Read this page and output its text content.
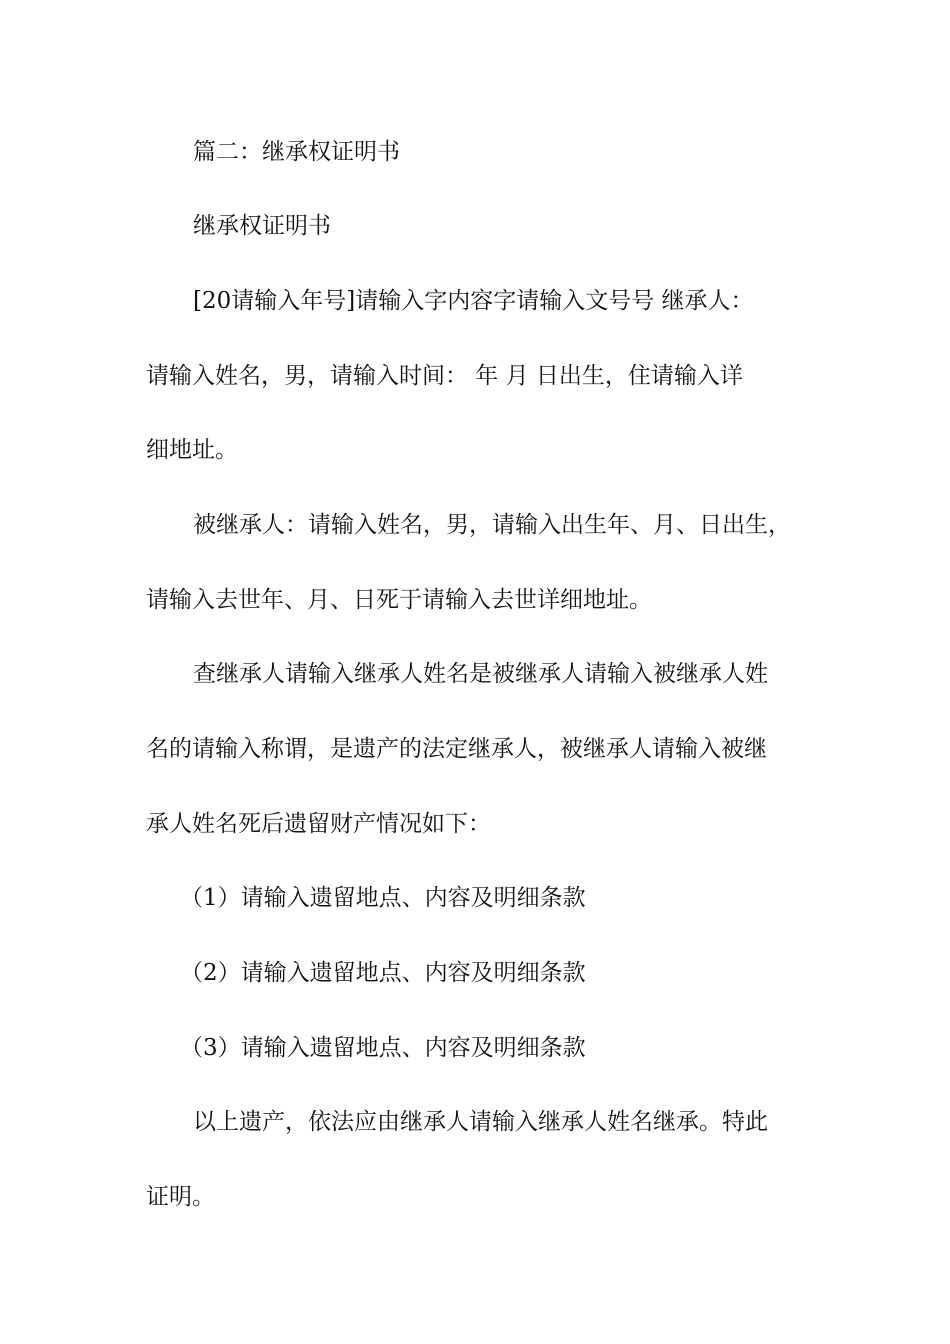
篇二：继承权证明书

继承权证明书

[20请输入年号]请输入字内容字请输入文号号 继承人：

请输入姓名，男，请输入时间： 年 月 日出生，住请输入详

细地址。

被继承人：请输入姓名，男，请输入出生年、月、日出生，

请输入去世年、月、日死于请输入去世详细地址。

查继承人请输入继承人姓名是被继承人请输入被继承人姓

名的请输入称谓，是遗产的法定继承人，被继承人请输入被继

承人姓名死后遗留财产情况如下：

（1）请输入遗留地点、内容及明细条款

（2）请输入遗留地点、内容及明细条款

（3）请输入遗留地点、内容及明细条款

以上遗产，依法应由继承人请输入继承人姓名继承。特此

证明。
